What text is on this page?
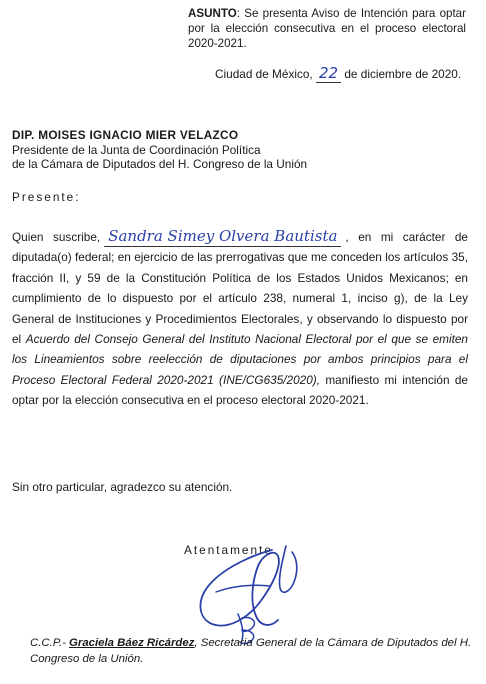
ASUNTO: Se presenta Aviso de Intención para optar por la elección consecutiva en el proceso electoral 2020-2021.
Ciudad de México, 22 de diciembre de 2020.
DIP. MOISES IGNACIO MIER VELAZCO
Presidente de la Junta de Coordinación Política
de la Cámara de Diputados del H. Congreso de la Unión
Presente:
Quien suscribe, Sandra Simey Olvera Bautista , en mi carácter de diputada(o) federal; en ejercicio de las prerrogativas que me conceden los artículos 35, fracción II, y 59 de la Constitución Política de los Estados Unidos Mexicanos; en cumplimiento de lo dispuesto por el artículo 238, numeral 1, inciso g), de la Ley General de Instituciones y Procedimientos Electorales, y observando lo dispuesto por el Acuerdo del Consejo General del Instituto Nacional Electoral por el que se emiten los Lineamientos sobre reelección de diputaciones por ambos principios para el Proceso Electoral Federal 2020-2021 (INE/CG635/2020), manifiesto mi intención de optar por la elección consecutiva en el proceso electoral 2020-2021.
Sin otro particular, agradezco su atención.
Atentamente
C.C.P.- Graciela Báez Ricárdez, Secretaria General de la Cámara de Diputados del H. Congreso de la Unión.
